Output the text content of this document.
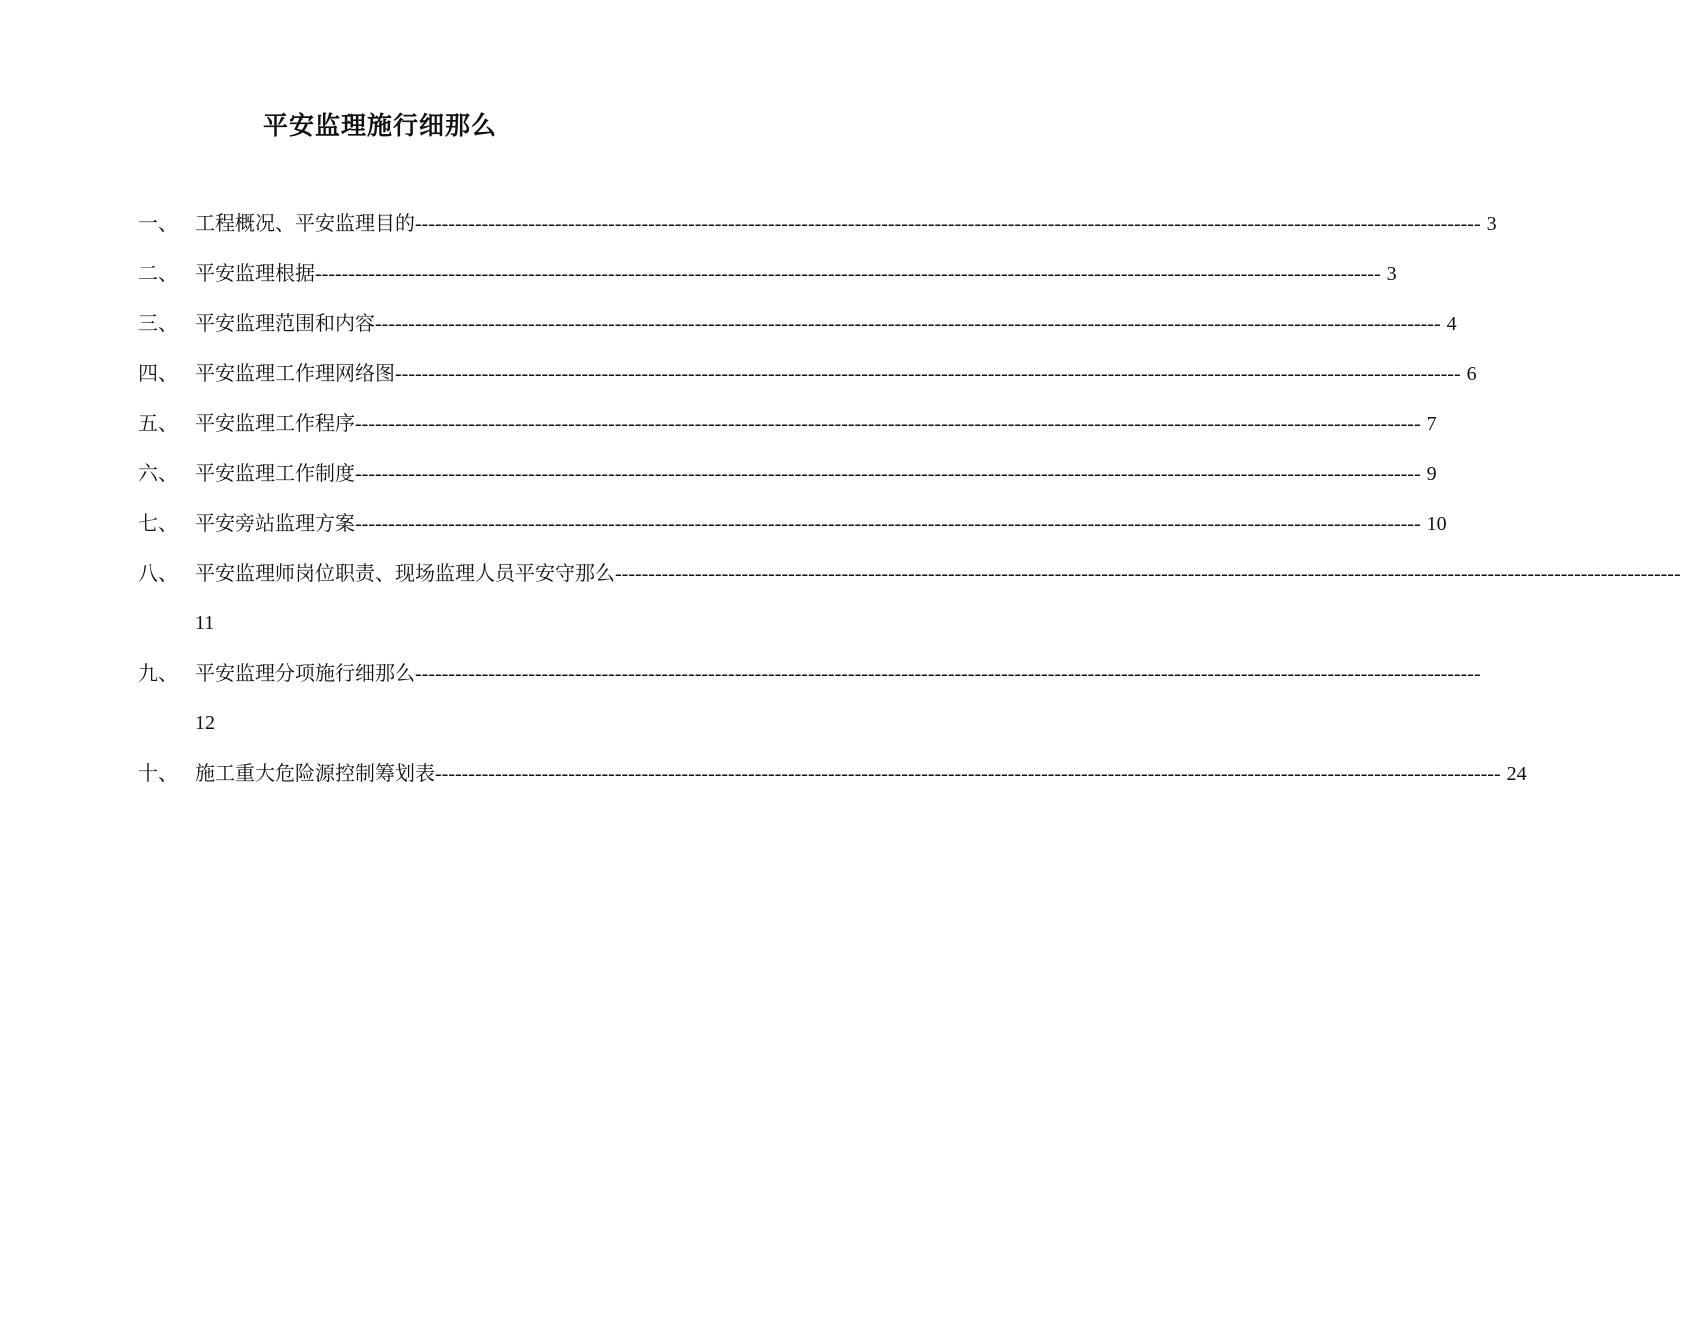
平安监理施行细那么
一、 工程概况、平安监理目的 ---------------------------------------------------------------------------------------------------------------------------------------------------------------- 3
二、 平安监理根据 ---------------------------------------------------------------------------------------------------------------------------------------------------------------- 3
三、 平安监理范围和内容 ---------------------------------------------------------------------------------------------------------------------------------------------------------------- 4
四、 平安监理工作理网络图 ---------------------------------------------------------------------------------------------------------------------------------------------------------------- 6
五、 平安监理工作程序 ---------------------------------------------------------------------------------------------------------------------------------------------------------------- 7
六、 平安监理工作制度 ---------------------------------------------------------------------------------------------------------------------------------------------------------------- 9
七、 平安旁站监理方案 ---------------------------------------------------------------------------------------------------------------------------------------------------------------- 10
八、 平安监理师岗位职责、现场监理人员平安守那么 ----------------------------------------------------------------------------------------------------------------------------------------------------------------
11
九、 平安监理分项施行细那么 ----------------------------------------------------------------------------------------------------------------------------------------------------------------
12
十、 施工重大危险源控制筹划表 ---------------------------------------------------------------------------------------------------------------------------------------------------------------- 24
